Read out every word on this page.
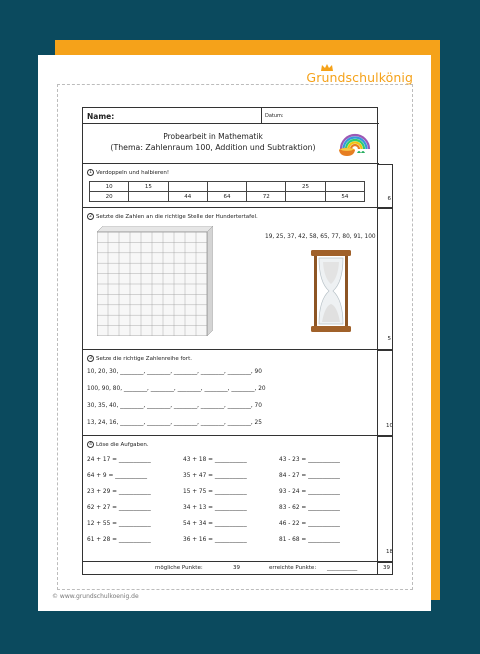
Grundschulkönig
Name:	Datum:
Probearbeit in Mathematik
(Thema: Zahlenraum 100, Addition und Subtraktion)
1 Verdoppeln und halbieren!
10	15				25	
20		44	64	72		54	6
2 Setzte die Zahlen an die richtige Stelle der Hundertertafel.
19, 25, 37, 42, 58, 65, 77, 80, 91, 100
5
3 Setze die richtige Zahlenreihe fort.
10, 20, 30, ________, ________, ________, ________, ________, 90
100, 90, 80, ________, ________, ________, ________, ________, 20
30, 35, 40, ________, ________, ________, ________, ________, 70
13, 24, 16, ________, ________, ________, ________, ________, 25	10
4 Löse die Aufgaben.
24 + 17 = ___________
64 + 9 = ___________
23 + 29 = ___________
62 + 27 = ___________
12 + 55 = ___________
61 + 28 = ___________
43 + 18 = ___________
35 + 47 = ___________
15 + 75 = ___________
34 + 13 = ___________
54 + 34 = ___________
36 + 16 = ___________
43 - 23 = ___________
84 - 27 = ___________
93 - 24 = ___________
83 - 62 = ___________
46 - 22 = ___________
81 - 68 = ___________
18
mögliche Punkte:	39	erreichte Punkte: ___________	39
© www.grundschulkoenig.de
